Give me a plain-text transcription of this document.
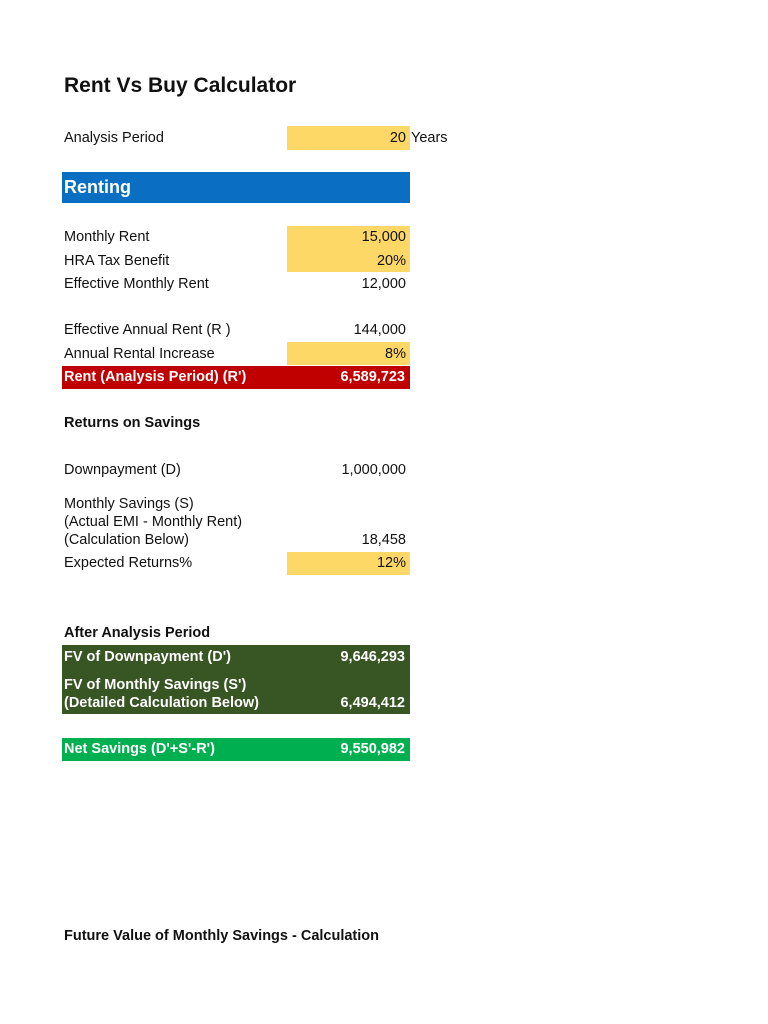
Rent Vs Buy Calculator
Analysis Period	20 Years
Renting
Monthly Rent	15,000
HRA Tax Benefit	20%
Effective Monthly Rent	12,000
Effective Annual Rent (R )	144,000
Annual Rental Increase	8%
Rent (Analysis Period) (R')	6,589,723
Returns on Savings
Downpayment (D)	1,000,000
Monthly Savings (S)
(Actual EMI - Monthly Rent)
(Calculation Below)	18,458
Expected Returns%	12%
After Analysis Period
FV of Downpayment (D')	9,646,293
FV of Monthly Savings (S')
(Detailed Calculation Below)	6,494,412
Net Savings (D'+S'-R')	9,550,982
Future Value of Monthly Savings - Calculation
